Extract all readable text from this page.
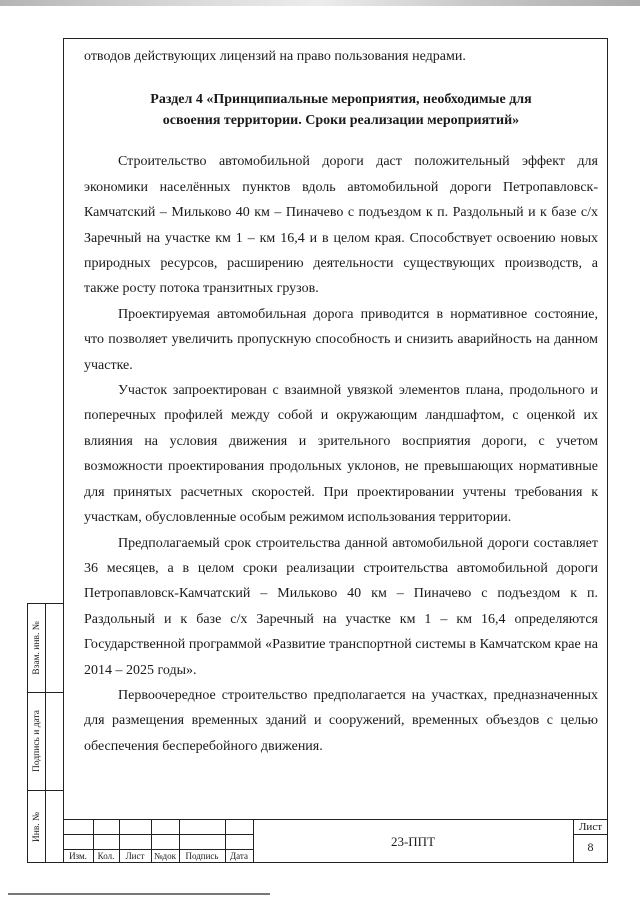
отводов действующих лицензий на право пользования недрами.

Раздел 4 «Принципиальные мероприятия, необходимые для
освоения территории. Сроки реализации мероприятий»

Строительство автомобильной дороги даст положительный эффект для экономики населённых пунктов вдоль автомобильной дороги Петропавловск-Камчатский – Мильково 40 км – Пиначево с подъездом к п. Раздольный и к базе с/х Заречный на участке км 1 – км 16,4 и в целом края. Способствует освоению новых природных ресурсов, расширению деятельности существующих производств, а также росту потока транзитных грузов.

Проектируемая автомобильная дорога приводится в нормативное состояние, что позволяет увеличить пропускную способность и снизить аварийность на данном участке.

Участок запроектирован с взаимной увязкой элементов плана, продольного и поперечных профилей между собой и окружающим ландшафтом, с оценкой их влияния на условия движения и зрительного восприятия дороги, с учетом возможности проектирования продольных уклонов, не превышающих нормативные для принятых расчетных скоростей. При проектировании учтены требования к участкам, обусловленные особым режимом использования территории.

Предполагаемый срок строительства данной автомобильной дороги составляет 36 месяцев, а в целом сроки реализации строительства автомобильной дороги Петропавловск-Камчатский – Мильково 40 км – Пиначево с подъездом к п. Раздольный и к базе с/х Заречный на участке км 1 – км 16,4 определяются Государственной программой «Развитие транспортной системы в Камчатском крае на 2014 – 2025 годы».

Первоочередное строительство предполагается на участках, предназначенных для размещения временных зданий и сооружений, временных объездов с целью обеспечения бесперебойного движения.

Взам. инв. №
Подпись и дата
Инв. №
Изм.	Кол.	Лист	№док	Подпись	Дата
23-ППТ
Лист
8
